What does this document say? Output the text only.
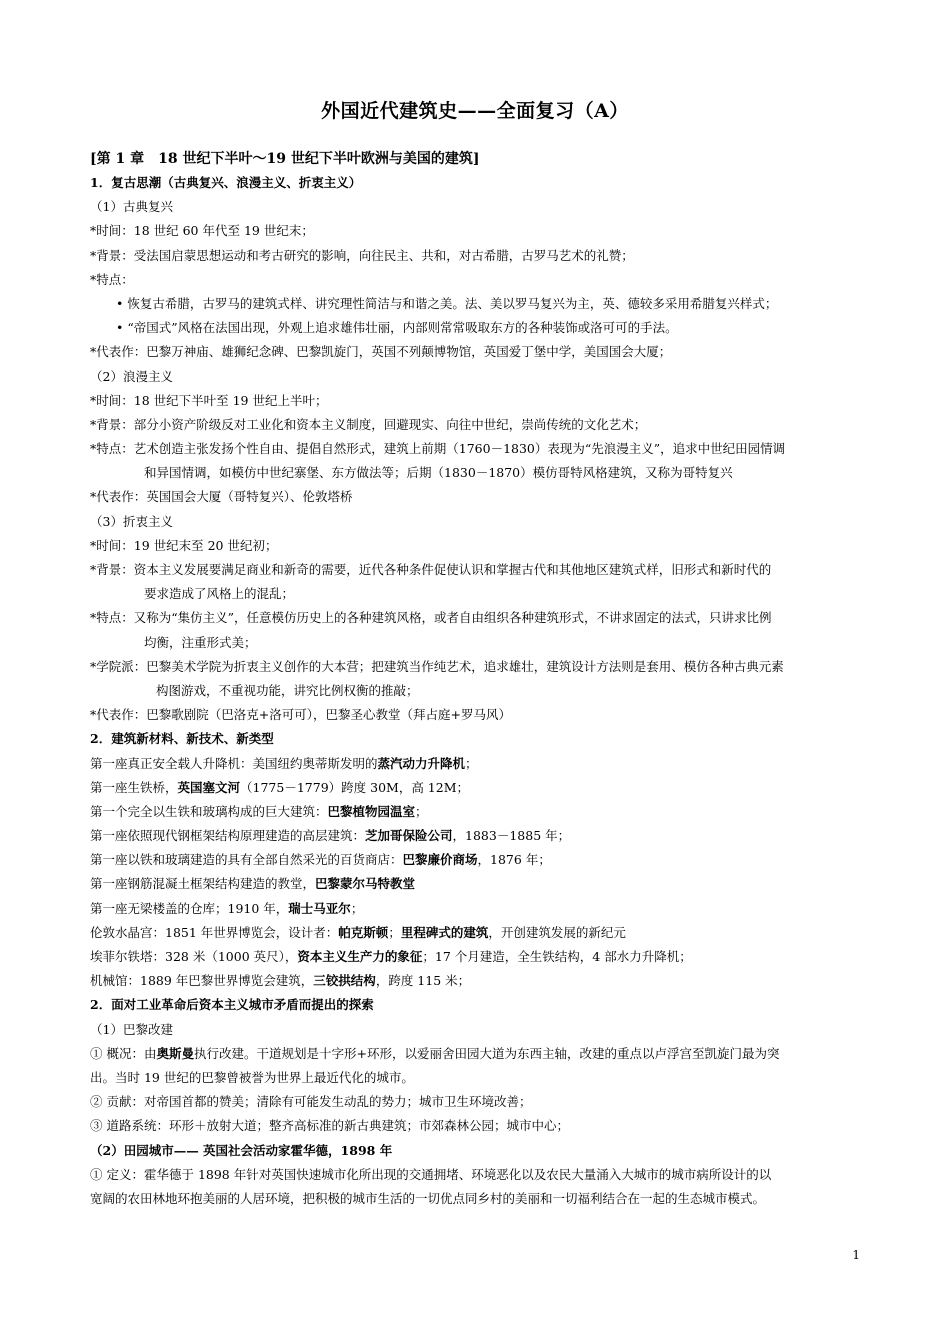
外国近代建筑史——全面复习（A）
[第 1 章　18 世纪下半叶～19 世纪下半叶欧洲与美国的建筑]
1．复古思潮（古典复兴、浪漫主义、折衷主义）
（1）古典复兴
*时间：18 世纪 60 年代至 19 世纪末；
*背景：受法国启蒙思想运动和考古研究的影响，向往民主、共和，对古希腊，古罗马艺术的礼赞；
*特点：
• 恢复古希腊，古罗马的建筑式样、讲究理性简洁与和谐之美。法、美以罗马复兴为主，英、德较多采用希腊复兴样式；
• “帝国式”风格在法国出现，外观上追求雄伟壮丽，内部则常常吸取东方的各种装饰或洛可可的手法。
*代表作：巴黎万神庙、雄狮纪念碑、巴黎凯旋门，英国不列颠博物馆，英国爱丁堡中学，美国国会大厦；
（2）浪漫主义
*时间：18 世纪下半叶至 19 世纪上半叶；
*背景：部分小资产阶级反对工业化和资本主义制度，回避现实、向往中世纪，崇尚传统的文化艺术；
*特点：艺术创造主张发扬个性自由、提倡自然形式，建筑上前期（1760－1830）表现为“先浪漫主义”，追求中世纪田园情调
和异国情调，如模仿中世纪寨堡、东方做法等；后期（1830－1870）模仿哥特风格建筑，又称为哥特复兴
*代表作：英国国会大厦（哥特复兴）、伦敦塔桥
（3）折衷主义
*时间：19 世纪末至 20 世纪初；
*背景：资本主义发展要满足商业和新奇的需要，近代各种条件促使认识和掌握古代和其他地区建筑式样，旧形式和新时代的
要求造成了风格上的混乱；
*特点：又称为“集仿主义”，任意模仿历史上的各种建筑风格，或者自由组织各种建筑形式，不讲求固定的法式，只讲求比例
均衡，注重形式美；
*学院派：巴黎美术学院为折衷主义创作的大本营；把建筑当作纯艺术，追求雄壮，建筑设计方法则是套用、模仿各种古典元素
构图游戏，不重视功能，讲究比例权衡的推敲；
*代表作：巴黎歌剧院（巴洛克+洛可可），巴黎圣心教堂（拜占庭+罗马风）
2．建筑新材料、新技术、新类型
第一座真正安全载人升降机：美国纽约奥蒂斯发明的蒸汽动力升降机；
第一座生铁桥，英国塞文河（1775－1779）跨度 30M，高 12M；
第一个完全以生铁和玻璃构成的巨大建筑：巴黎植物园温室；
第一座依照现代钢框架结构原理建造的高层建筑：芝加哥保险公司，1883－1885 年；
第一座以铁和玻璃建造的具有全部自然采光的百货商店：巴黎廉价商场，1876 年；
第一座钢筋混凝土框架结构建造的教堂，巴黎蒙尔马特教堂
第一座无梁楼盖的仓库；1910 年，瑞士马亚尔；
伦敦水晶宫：1851 年世界博览会，设计者：帕克斯顿；里程碑式的建筑，开创建筑发展的新纪元
埃菲尔铁塔：328 米（1000 英尺），资本主义生产力的象征；17 个月建造，全生铁结构，4 部水力升降机；
机械馆：1889 年巴黎世界博览会建筑，三铰拱结构，跨度 115 米；
2．面对工业革命后资本主义城市矛盾而提出的探索
（1）巴黎改建
① 概况：由奥斯曼执行改建。干道规划是十字形+环形，以爱丽舍田园大道为东西主轴，改建的重点以卢浮宫至凯旋门最为突
出。当时 19 世纪的巴黎曾被誉为世界上最近代化的城市。
② 贡献：对帝国首都的赞美；清除有可能发生动乱的势力；城市卫生环境改善；
③ 道路系统：环形＋放射大道；整齐高标准的新古典建筑；市郊森林公园；城市中心；
（2）田园城市—— 英国社会活动家霍华德，1898 年
① 定义：霍华德于 1898 年针对英国快速城市化所出现的交通拥堵、环境恶化以及农民大量涌入大城市的城市病所设计的以
宽阔的农田林地环抱美丽的人居环境，把积极的城市生活的一切优点同乡村的美丽和一切福利结合在一起的生态城市模式。
1
